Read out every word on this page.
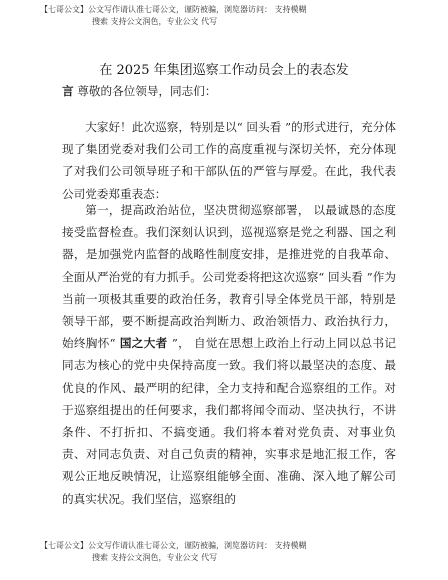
【七哥公文】公文写作请认准七哥公文，谨防被骗，浏览器访问： 支持模糊
搜索 支持公文润色，专业公文 代写
在 2025 年集团巡察工作动员会上的表态发
言 尊敬的各位领导，同志们：

大家好！此次巡察，特别是以“ 回头看 ”的形式进行，充分体现了集团党委对我们公司工作的高度重视与深切关怀，充分体现了对我们公司领导班子和干部队伍的严管与厚爱。在此，我代表公司党委郑重表态：

第一，提高政治站位，坚决贯彻巡察部署， 以最诚恳的态度接受监督检查。我们深刻认识到，巡视巡察是党之利器、国之利器，是加强党内监督的战略性制度安排，是推进党的自我革命、全面从严治党的有力抓手。公司党委将把这次巡察“ 回头看 ”作为当前一项极其重要的政治任务，教育引导全体党员干部，特别是领导干部，要不断提高政治判断力、政治领悟力、政治执行力，始终胸怀“ 国之大者 ”， 自觉在思想上政治上行动上同以总书记同志为核心的党中央保持高度一致。我们将以最坚决的态度、最优良的作风、最严明的纪律，全力支持和配合巡察组的工作。对于巡察组提出的任何要求，我们都将闻令而动、坚决执行，不讲条件、不打折扣、不搞变通。我们将本着对党负责、对事业负责、对同志负责、对自己负责的精神，实事求是地汇报工作，客观公正地反映情况，让巡察组能够全面、准确、深入地了解公司的真实状况。我们坚信，巡察组的

【七哥公文】公文写作请认准七哥公文，谨防被骗，浏览器访问： 支持模糊
搜索 支持公文润色，专业公文 代写
